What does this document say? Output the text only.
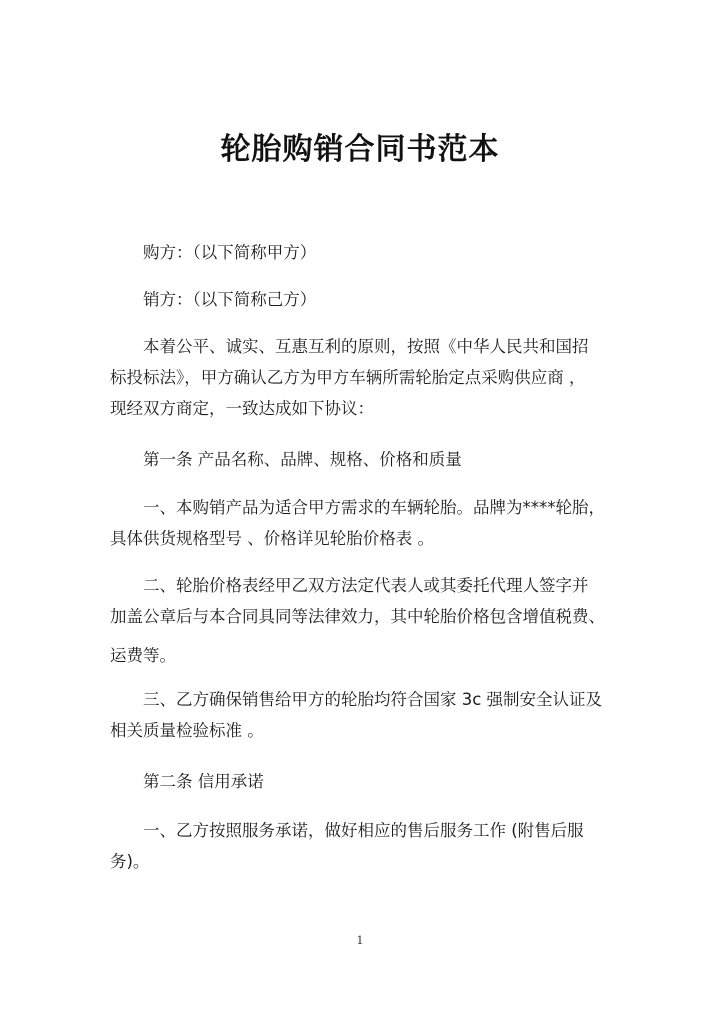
轮胎购销合同书范本
购方：（以下简称甲方）
销方：（以下简称己方）
本着公平、诚实、互惠互利的原则，按照《中华人民共和国招
标投标法》，甲方确认乙方为甲方车辆所需轮胎定点采购供应商 ，
现经双方商定，一致达成如下协议：
第一条 产品名称、品牌、规格、价格和质量
一、本购销产品为适合甲方需求的车辆轮胎。品牌为****轮胎，
具体供货规格型号 、价格详见轮胎价格表 。
二、轮胎价格表经甲乙双方法定代表人或其委托代理人签字并
加盖公章后与本合同具同等法律效力，其中轮胎价格包含增值税费、
运费等。
三、乙方确保销售给甲方的轮胎均符合国家 3c 强制安全认证及
相关质量检验标准 。
第二条 信用承诺
一、乙方按照服务承诺，做好相应的售后服务工作 (附售后服
务)。
1
